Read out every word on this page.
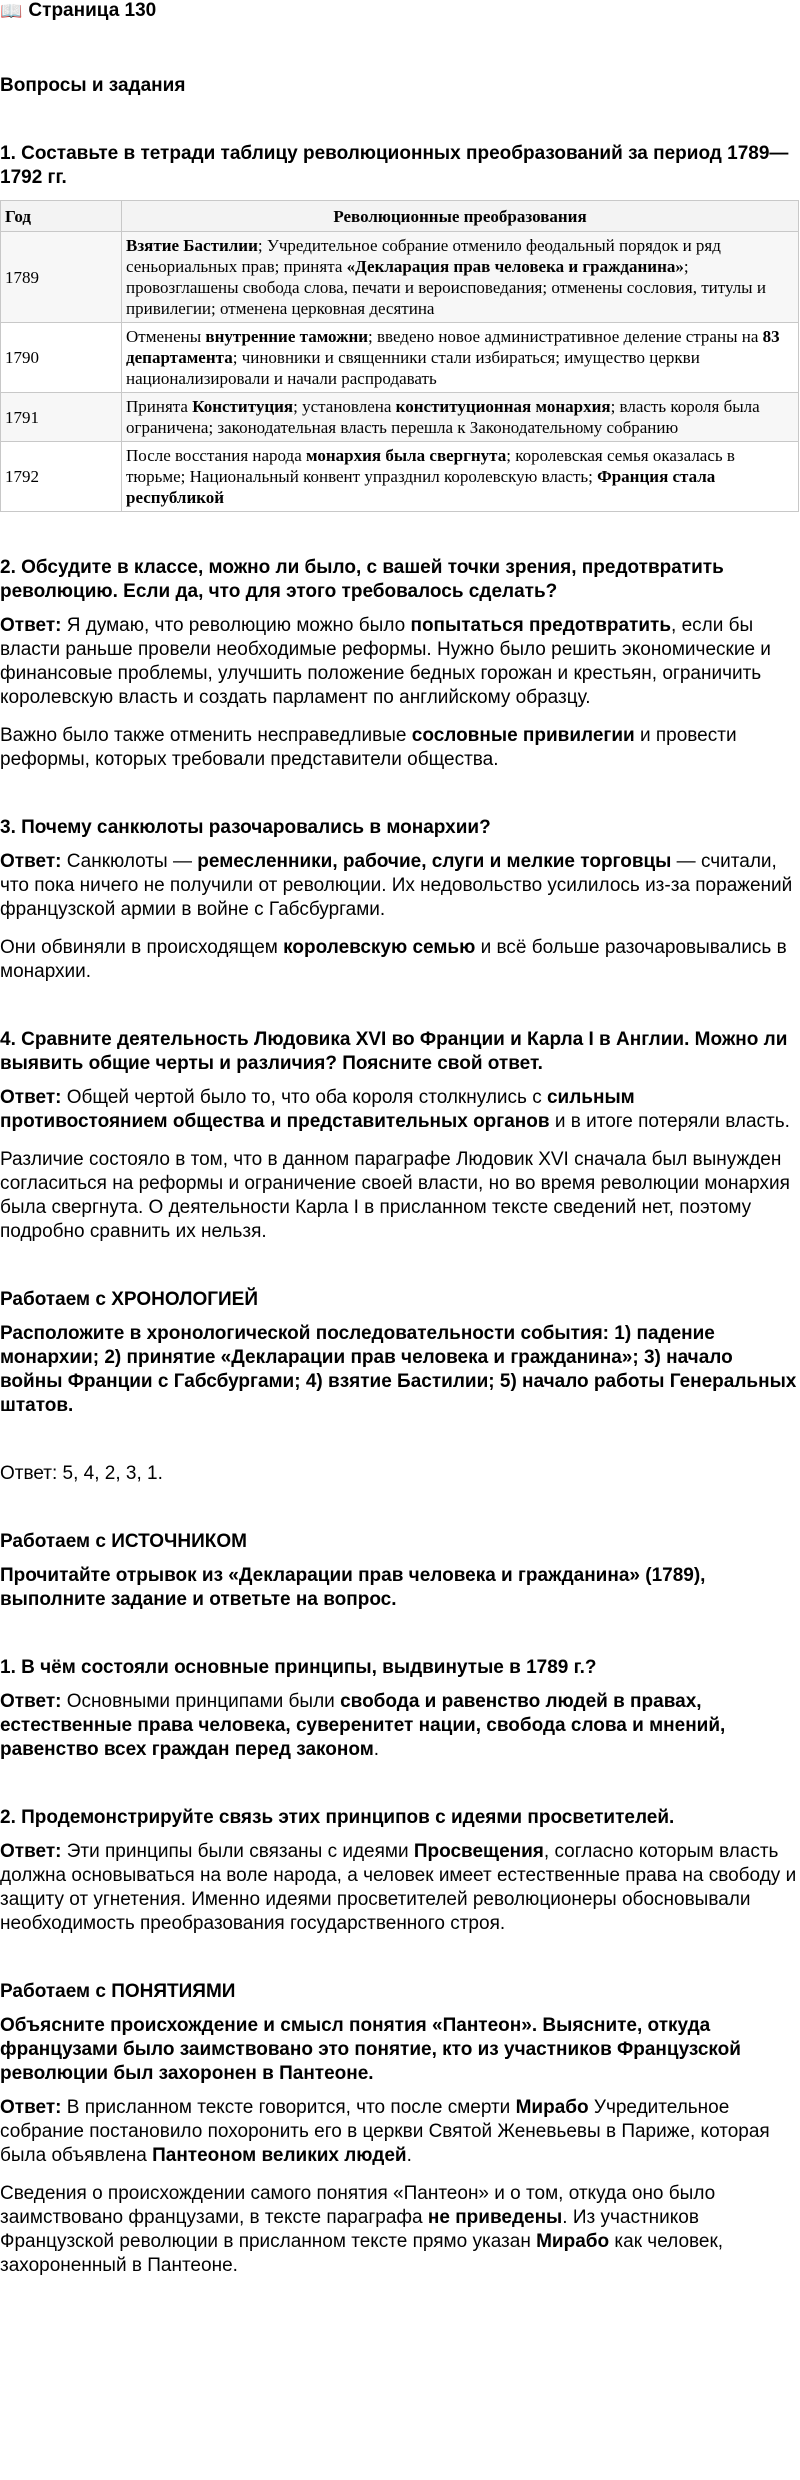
📖 Страница 130
Вопросы и задания

1. Составьте в тетради таблицу революционных преобразований за период 1789—1792 гг.

Год	Революционные преобразования
1789	Взятие Бастилии; Учредительное собрание отменило феодальный порядок и ряд сеньориальных прав; принята «Декларация прав человека и гражданина»; провозглашены свобода слова, печати и вероисповедания; отменены сословия, титулы и привилегии; отменена церковная десятина
1790	Отменены внутренние таможни; введено новое административное деление страны на 83 департамента; чиновники и священники стали избираться; имущество церкви национализировали и начали распродавать
1791	Принята Конституция; установлена конституционная монархия; власть короля была ограничена; законодательная власть перешла к Законодательному собранию
1792	После восстания народа монархия была свергнута; королевская семья оказалась в тюрьме; Национальный конвент упразднил королевскую власть; Франция стала республикой

2. Обсудите в классе, можно ли было, с вашей точки зрения, предотвратить революцию. Если да, что для этого требовалось сделать?

Ответ: Я думаю, что революцию можно было попытаться предотвратить, если бы власти раньше провели необходимые реформы. Нужно было решить экономические и финансовые проблемы, улучшить положение бедных горожан и крестьян, ограничить королевскую власть и создать парламент по английскому образцу.

Важно было также отменить несправедливые сословные привилегии и провести реформы, которых требовали представители общества.

3. Почему санкюлоты разочаровались в монархии?

Ответ: Санкюлоты — ремесленники, рабочие, слуги и мелкие торговцы — считали, что пока ничего не получили от революции. Их недовольство усилилось из-за поражений французской армии в войне с Габсбургами.

Они обвиняли в происходящем королевскую семью и всё больше разочаровывались в монархии.

4. Сравните деятельность Людовика XVI во Франции и Карла I в Англии. Можно ли выявить общие черты и различия? Поясните свой ответ.

Ответ: Общей чертой было то, что оба короля столкнулись с сильным противостоянием общества и представительных органов и в итоге потеряли власть.

Различие состояло в том, что в данном параграфе Людовик XVI сначала был вынужден согласиться на реформы и ограничение своей власти, но во время революции монархия была свергнута. О деятельности Карла I в присланном тексте сведений нет, поэтому подробно сравнить их нельзя.

Работаем с ХРОНОЛОГИЕЙ

Расположите в хронологической последовательности события: 1) падение монархии; 2) принятие «Декларации прав человека и гражданина»; 3) начало войны Франции с Габсбургами; 4) взятие Бастилии; 5) начало работы Генеральных штатов.

Ответ: 5, 4, 2, 3, 1.

Работаем с ИСТОЧНИКОМ

Прочитайте отрывок из «Декларации прав человека и гражданина» (1789), выполните задание и ответьте на вопрос.

1. В чём состояли основные принципы, выдвинутые в 1789 г.?

Ответ: Основными принципами были свобода и равенство людей в правах, естественные права человека, суверенитет нации, свобода слова и мнений, равенство всех граждан перед законом.

2. Продемонстрируйте связь этих принципов с идеями просветителей.

Ответ: Эти принципы были связаны с идеями Просвещения, согласно которым власть должна основываться на воле народа, а человек имеет естественные права на свободу и защиту от угнетения. Именно идеями просветителей революционеры обосновывали необходимость преобразования государственного строя.

Работаем с ПОНЯТИЯМИ

Объясните происхождение и смысл понятия «Пантеон». Выясните, откуда французами было заимствовано это понятие, кто из участников Французской революции был захоронен в Пантеоне.

Ответ: В присланном тексте говорится, что после смерти Мирабо Учредительное собрание постановило похоронить его в церкви Святой Женевьевы в Париже, которая была объявлена Пантеоном великих людей.

Сведения о происхождении самого понятия «Пантеон» и о том, откуда оно было заимствовано французами, в тексте параграфа не приведены. Из участников Французской революции в присланном тексте прямо указан Мирабо как человек, захороненный в Пантеоне.
